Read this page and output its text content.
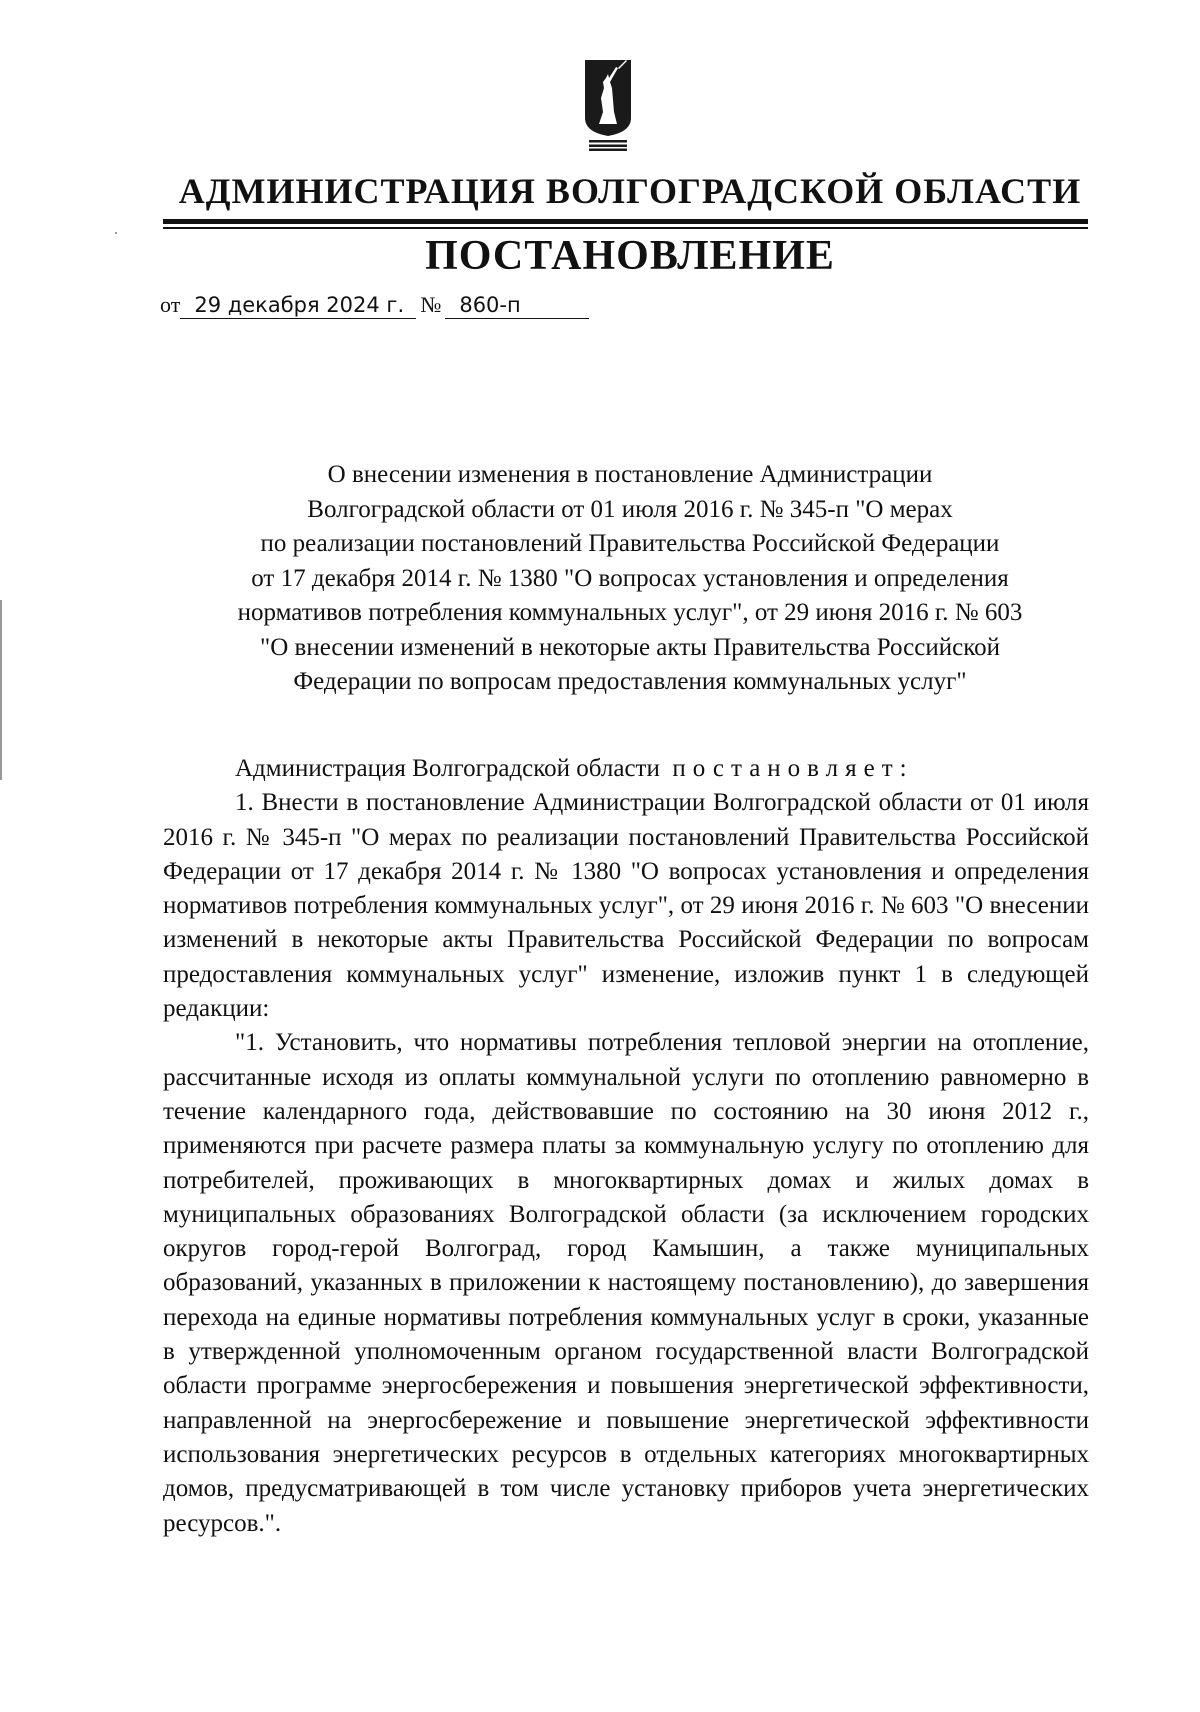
АДМИНИСТРАЦИЯ ВОЛГОГРАДСКОЙ ОБЛАСТИ
ПОСТАНОВЛЕНИЕ
от 29 декабря 2024 г. № 860-п
О внесении изменения в постановление Администрации
Волгоградской области от 01 июля 2016 г. № 345-п "О мерах
по реализации постановлений Правительства Российской Федерации
от 17 декабря 2014 г. № 1380 "О вопросах установления и определения
нормативов потребления коммунальных услуг", от 29 июня 2016 г. № 603
"О внесении изменений в некоторые акты Правительства Российской
Федерации по вопросам предоставления коммунальных услуг"

Администрация Волгоградской области постановляет:

1. Внести в постановление Администрации Волгоградской области от 01 июля 2016 г. № 345-п "О мерах по реализации постановлений Правительства Российской Федерации от 17 декабря 2014 г. № 1380 "О вопросах установления и определения нормативов потребления коммунальных услуг", от 29 июня 2016 г. № 603 "О внесении изменений в некоторые акты Правительства Российской Федерации по вопросам предоставления коммунальных услуг" изменение, изложив пункт 1 в следующей редакции:

"1. Установить, что нормативы потребления тепловой энергии на отопление, рассчитанные исходя из оплаты коммунальной услуги по отоплению равномерно в течение календарного года, действовавшие по состоянию на 30 июня 2012 г., применяются при расчете размера платы за коммунальную услугу по отоплению для потребителей, проживающих в многоквартирных домах и жилых домах в муниципальных образованиях Волгоградской области (за исключением городских округов город-герой Волгоград, город Камышин, а также муниципальных образований, указанных в приложении к настоящему постановлению), до завершения перехода на единые нормативы потребления коммунальных услуг в сроки, указанные в утвержденной уполномоченным органом государственной власти Волгоградской области программе энергосбережения и повышения энергетической эффективности, направленной на энергосбережение и повышение энергетической эффективности использования энергетических ресурсов в отдельных категориях многоквартирных домов, предусматривающей в том числе установку приборов учета энергетических ресурсов.".
